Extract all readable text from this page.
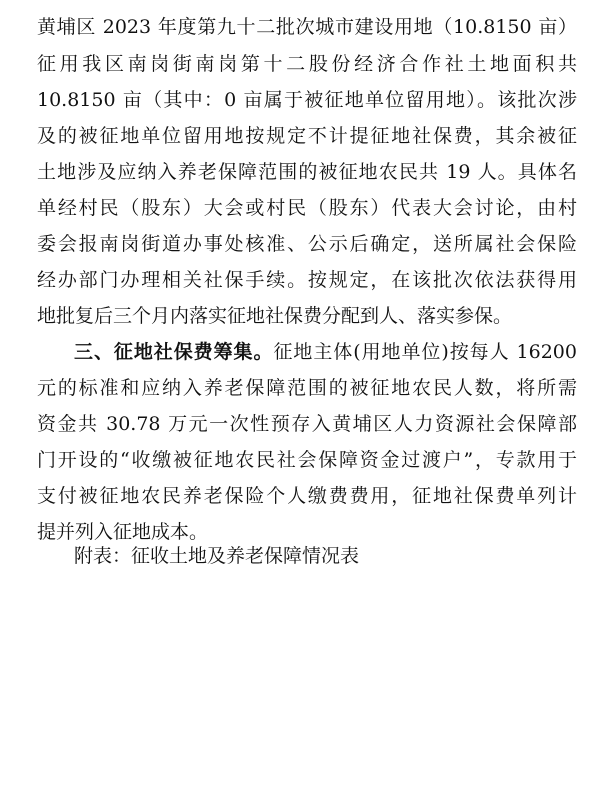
黄埔区 2023 年度第九十二批次城市建设用地（10.8150 亩）
征用我区南岗街南岗第十二股份经济合作社土地面积共
10.8150 亩（其中：0 亩属于被征地单位留用地）。该批次涉
及的被征地单位留用地按规定不计提征地社保费，其余被征
土地涉及应纳入养老保障范围的被征地农民共 19 人。具体名
单经村民（股东）大会或村民（股东）代表大会讨论，由村
委会报南岗街道办事处核准、公示后确定，送所属社会保险
经办部门办理相关社保手续。按规定，在该批次依法获得用
地批复后三个月内落实征地社保费分配到人、落实参保。
三、征地社保费筹集。征地主体(用地单位)按每人 16200
元的标准和应纳入养老保障范围的被征地农民人数，将所需
资金共 30.78 万元一次性预存入黄埔区人力资源社会保障部
门开设的“收缴被征地农民社会保障资金过渡户”，专款用于
支付被征地农民养老保险个人缴费费用，征地社保费单列计
提并列入征地成本。
附表：征收土地及养老保障情况表
